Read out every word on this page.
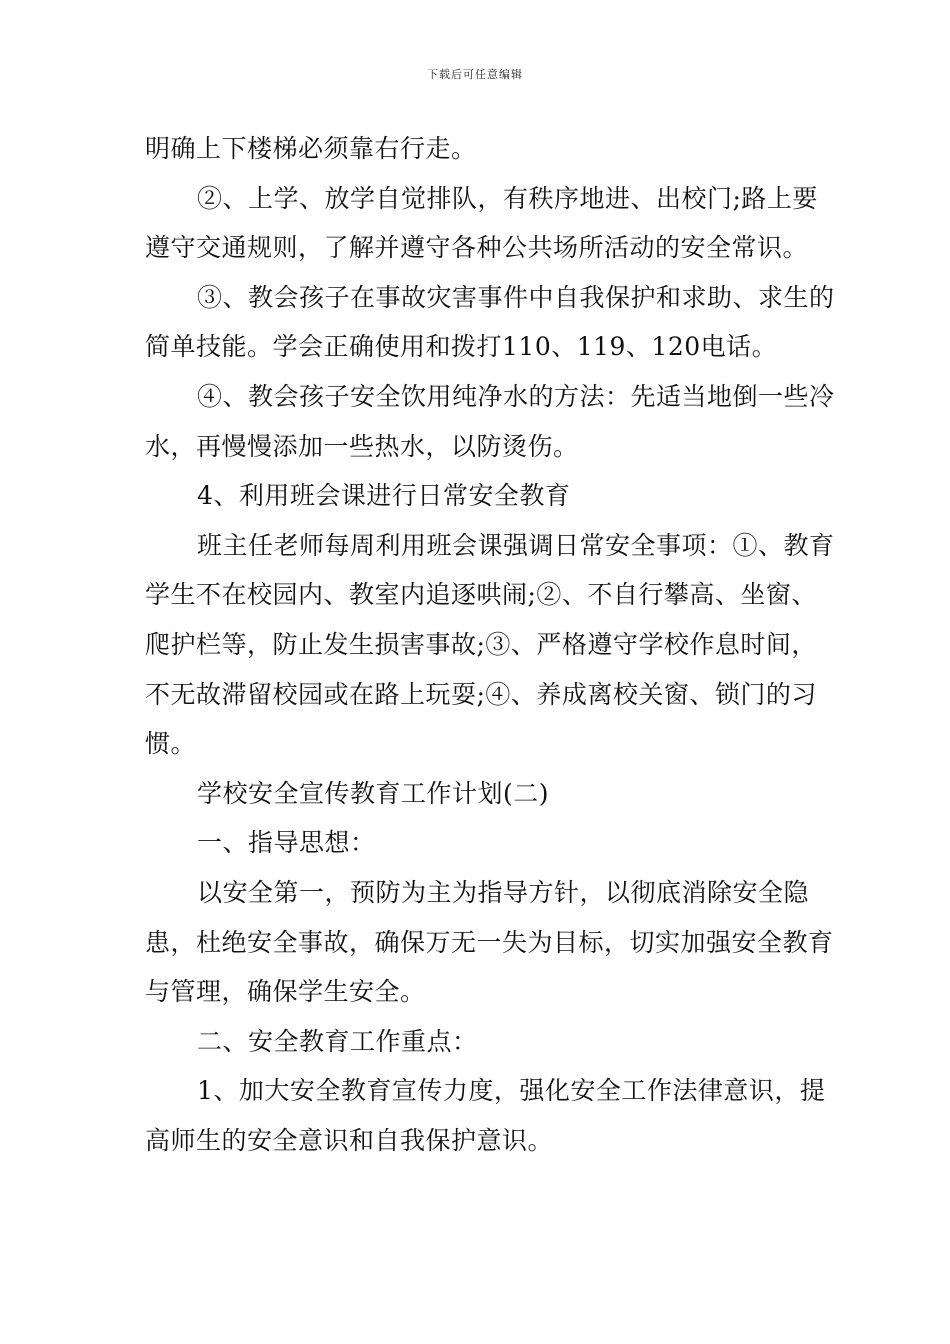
下载后可任意编辑

明确上下楼梯必须靠右行走。

②、上学、放学自觉排队，有秩序地进、出校门;路上要遵守交通规则，了解并遵守各种公共场所活动的安全常识。

③、教会孩子在事故灾害事件中自我保护和求助、求生的简单技能。学会正确使用和拨打110、119、120电话。

④、教会孩子安全饮用纯净水的方法：先适当地倒一些冷水，再慢慢添加一些热水，以防烫伤。

4、利用班会课进行日常安全教育

班主任老师每周利用班会课强调日常安全事项：①、教育学生不在校园内、教室内追逐哄闹;②、不自行攀高、坐窗、爬护栏等，防止发生损害事故;③、严格遵守学校作息时间，不无故滞留校园或在路上玩耍;④、养成离校关窗、锁门的习惯。

学校安全宣传教育工作计划(二)

一、指导思想：

以安全第一，预防为主为指导方针，以彻底消除安全隐患，杜绝安全事故，确保万无一失为目标，切实加强安全教育与管理，确保学生安全。

二、安全教育工作重点：

1、加大安全教育宣传力度，强化安全工作法律意识，提高师生的安全意识和自我保护意识。
